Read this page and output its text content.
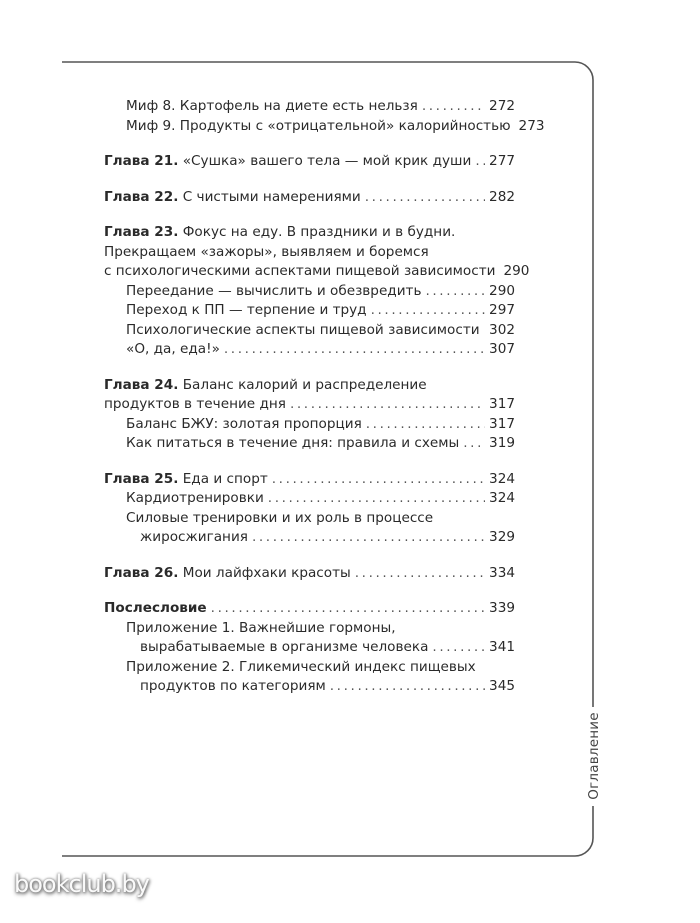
Оглавление
Миф 8. Картофель на диете есть нельзя .....	272
Миф 9. Продукты с «отрицательной» калорийностью 273
Глава 21. «Сушка» вашего тела — мой крик души ..... 277
Глава 22. С чистыми намерениями .....	282
Глава 23. Фокус на еду. В праздники и в будни.
Прекращаем «зажоры», выявляем и боремся
с психологическими аспектами пищевой зависимости 290
Переедание — вычислить и обезвредить .....	290
Переход к ПП — терпение и труд .....	297
Психологические аспекты пищевой зависимости ..... 302
«О, да, еда!» .....	307
Глава 24. Баланс калорий и распределение
продуктов в течение дня .....	317
Баланс БЖУ: золотая пропорция .....	317
Как питаться в течение дня: правила и схемы ..... 319
Глава 25. Еда и спорт .....	324
Кардиотренировки .....	324
Силовые тренировки и их роль в процессе
жиросжигания .....	329
Глава 26. Мои лайфхаки красоты .....	334
Послесловие .....	339
Приложение 1. Важнейшие гормоны,
вырабатываемые в организме человека .....	341
Приложение 2. Гликемический индекс пищевых
продуктов по категориям .....	345
bookclub.by
